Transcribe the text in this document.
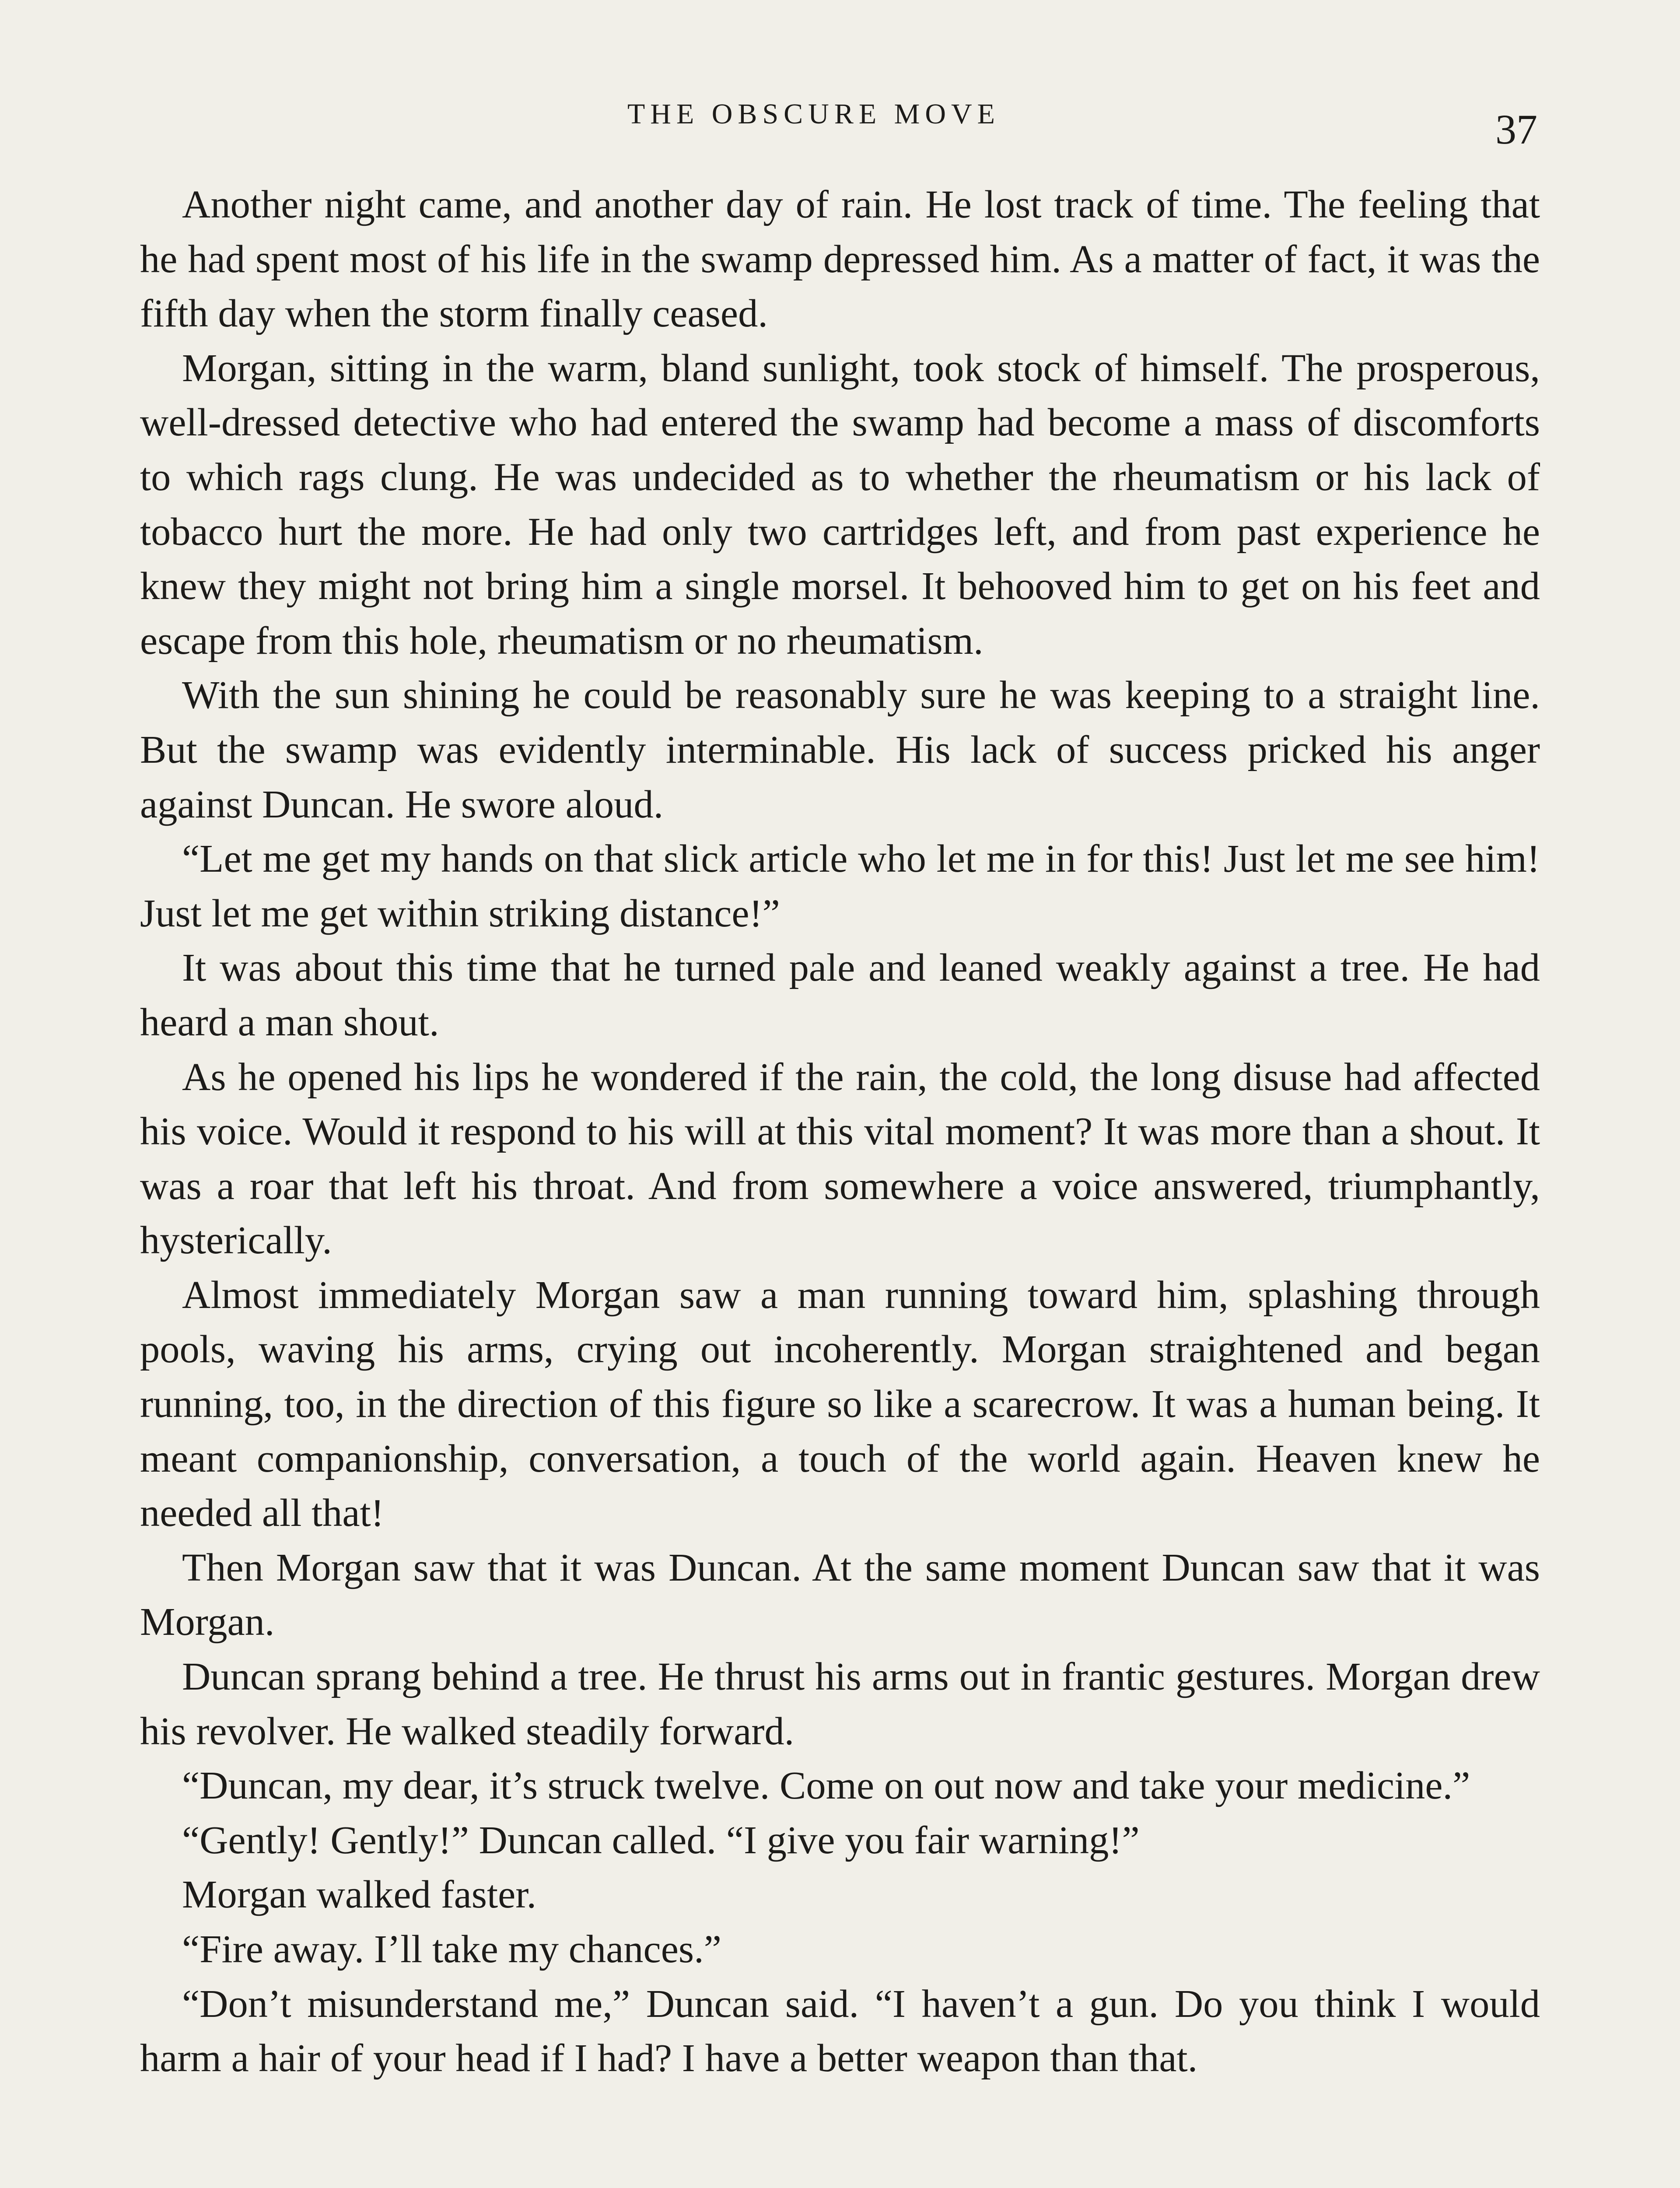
THE OBSCURE MOVE	37

Another night came, and another day of rain. He lost track of time. The feeling that he had spent most of his life in the swamp depressed him. As a matter of fact, it was the fifth day when the storm finally ceased.

Morgan, sitting in the warm, bland sunlight, took stock of himself. The prosperous, well-dressed detective who had entered the swamp had become a mass of discomforts to which rags clung. He was undecided as to whether the rheumatism or his lack of tobacco hurt the more. He had only two cartridges left, and from past experience he knew they might not bring him a single morsel. It behooved him to get on his feet and escape from this hole, rheumatism or no rheumatism.

With the sun shining he could be reasonably sure he was keeping to a straight line. But the swamp was evidently interminable. His lack of success pricked his anger against Duncan. He swore aloud.

“Let me get my hands on that slick article who let me in for this! Just let me see him! Just let me get within striking distance!”

It was about this time that he turned pale and leaned weakly against a tree. He had heard a man shout.

As he opened his lips he wondered if the rain, the cold, the long disuse had affected his voice. Would it respond to his will at this vital moment? It was more than a shout. It was a roar that left his throat. And from somewhere a voice answered, triumphantly, hysterically.

Almost immediately Morgan saw a man running toward him, splashing through pools, waving his arms, crying out incoherently. Morgan straightened and began running, too, in the direction of this figure so like a scarecrow. It was a human being. It meant companionship, conversation, a touch of the world again. Heaven knew he needed all that!

Then Morgan saw that it was Duncan. At the same moment Duncan saw that it was Morgan.

Duncan sprang behind a tree. He thrust his arms out in frantic gestures. Morgan drew his revolver. He walked steadily forward.

“Duncan, my dear, it’s struck twelve. Come on out now and take your medicine.”

“Gently! Gently!” Duncan called. “I give you fair warning!”

Morgan walked faster.

“Fire away. I’ll take my chances.”

“Don’t misunderstand me,” Duncan said. “I haven’t a gun. Do you think I would harm a hair of your head if I had? I have a better weapon than that.
